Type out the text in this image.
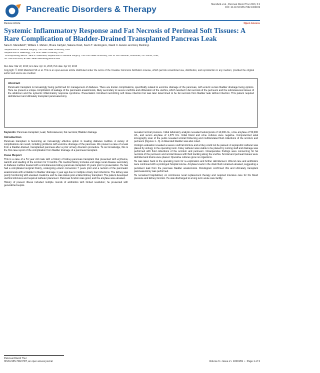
Pancreatic Disorders & Therapy	Mansfield et al., Pancreat Disord Ther 2016, 6:2
DOI: 10.4172/2165-7092.1000169
Review Article	Open Access
Systemic Inflammatory Response and Fat Necrosis of Perineal Soft Tissues: A Rare Complication of Bladder-Drained Transplanted Pancreas Leak
Sara K. Mansfield¹*, William J. Melvin¹, Bruce Carlyle², Sakura Ocal¹, Kevin T. Huntington¹, David C. Evans¹ and Amy Rushing¹
¹Department of General Surgery, The Ohio State University, USA
²Department of Radiology, The Ohio State University, USA
*Corresponding author: Sara K. Mansfield, Department of General Surgery, The Ohio State University, 395 W. 12th Avenue, Columbus, OH 43210, USA,
Tel: 614-366-4566; E-mail: sara.mansfield@osumc.edu
Rec date: Mar 22, 2016; Acc date: Apr 11, 2016; Pub date: Apr 18, 2016
Copyright: © 2016 Mansfield SK et al. This is an open-access article distributed under the terms of the Creative Commons Attribution License, which permits unrestricted use, distribution, and reproduction in any medium, provided the original author and source are credited.
Abstract
Pancreatic transplant is increasingly being performed for management of diabetes. There are known complications, specifically related to exocrine drainage of the pancreas, with enteric versus bladder drainage being options. Here we present a unique complication of leakage of the pancreatic anastomosis, likely secondary to severe urethritis and obliteration of the urethra, which resulted in fat necrosis of the perineum and the subcutaneous tissues of the abdomen and the systemic inflammatory response syndrome. Presentation mimicked necrotizing soft tissue infection but was later determined to be fat necrosis from bladder leak without infection. This patient required debridement and ultimately transplant pancreatectomy.
Keywords: Pancreas transplant; Leak; Subcutaneous; Fat necrosis; Bladder drainage
Introduction

Pancreas transplant is becoming an increasingly effective option in treating diabetes mellitus. A variety of complications can result, including problems with exocrine drainage of the pancreas. We present a case of a leak from a bladder-drained, transplanted pancreas after a prior urinary diversion procedure. To our knowledge, this is the first case report of the complication from bladder drainage of a pancreas transplant.

Case Report

This is a case of a 51 year old male with a history of kidney-pancreas transplant that presented with erythema, warmth and swelling of the scrotum for 3 months. His medical history includes end stage renal disease secondary to diabetes mellitus treated with a simultaneous kidney-pancreas transplant 13 years prior to presentation. He has had a complicated surgical history, undergoing enteric conversion 7 years prior and a revision of the pancreatic anastomosis with a bladder to bladder drainage 1 year ago due to multiple urinary tract infections. The kidney was poorly functioning with elevated creatinine and he was status post a failed kidney transplant. The patient developed urethral strictures and required catheter placement. Pancreas function was good, and the amylase was elevated.

History of present illness included multiple rounds of antibiotics with limited resolution; he presented with generalized sepsis.

revealed normal pressure. Initial laboratory analysis revealed leukocytosis of 14,000 /uL, urine amylase of 50,000 U/L, and serum amylase of 1,375 U/L. Initial blood and urine cultures were negative. Computerized axial tomography scan of the pelvis revealed scrotal thickening and multiloculated fluid collections of the scrotum and perineum (Figures 1 - 3). A distended bladder was also noted.

Urologic evaluation revealed a severe urethral stricture and a foley could not be passed. A suprapubic catheter was placed by urology in the operating room. Foley catheter was unable to be placed by nursing staff and drainage was performed with fluid collections of the scrotum and perineum. Intraoperative findings were concerning for fat necrosis of the perineum and scrotal tissues with fluid tracking along the urethra. Scrotal and perineal tissues were debrided and drains were placed. Operative cultures grew no organisms.

He was taken back to the operating room for re-exploration and further debridement. Wound care and antibiotics were continued with a prolonged hospital course. Amylase levels in the drain fluid remained elevated, suggesting a persistent leak from the pancreas bladder anastomosis. Fistulogram confirmed this and ultimately transplant pancreatectomy was performed.

He remained hospitalized, on continuous renal replacement therapy and required intensive care for his blood pressure and kidney function. He was discharged to a long term acute care facility.

Pancreat Disord Ther
ISSN:2165-7092 PDT, an open access journal	Volume 6 • Issue 2 • 1000169  •  Page 1 of 3
